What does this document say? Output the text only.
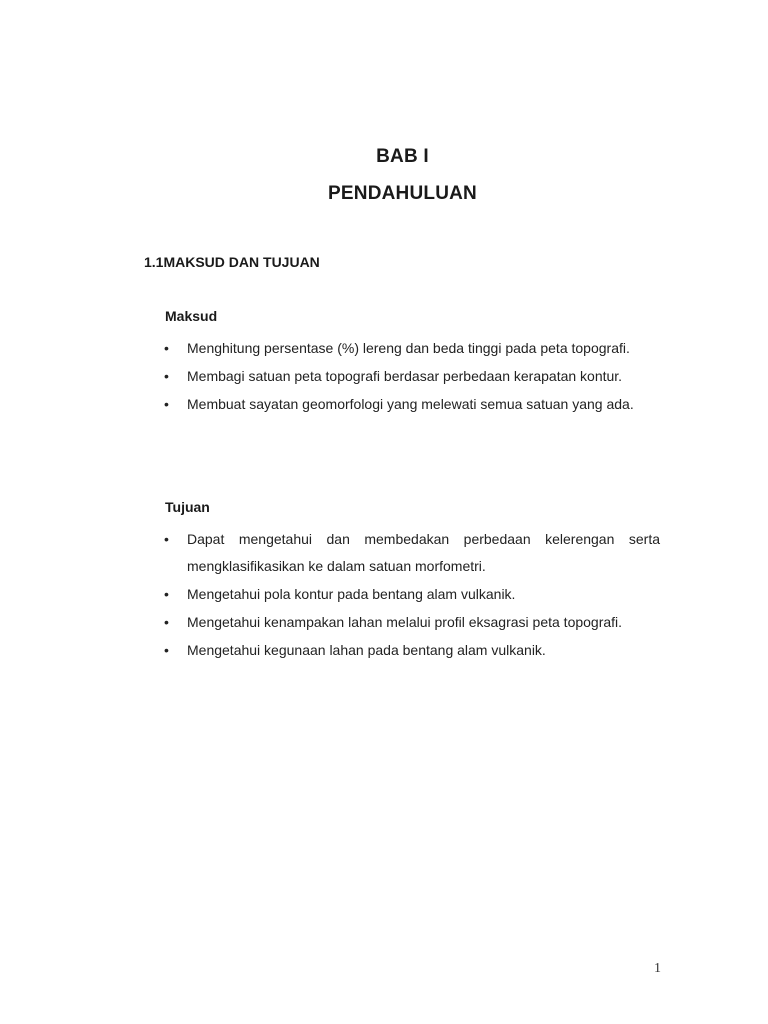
BAB I
PENDAHULUAN
1.1MAKSUD DAN TUJUAN
Maksud
• Menghitung persentase (%) lereng dan beda tinggi pada peta topografi.
• Membagi satuan peta topografi berdasar perbedaan kerapatan kontur.
• Membuat sayatan geomorfologi yang melewati semua satuan yang ada.
Tujuan
• Dapat mengetahui dan membedakan perbedaan kelerengan serta mengklasifikasikan ke dalam satuan morfometri.
• Mengetahui pola kontur pada bentang alam vulkanik.
• Mengetahui kenampakan lahan melalui profil eksagrasi peta topografi.
• Mengetahui kegunaan lahan pada bentang alam vulkanik.
1
